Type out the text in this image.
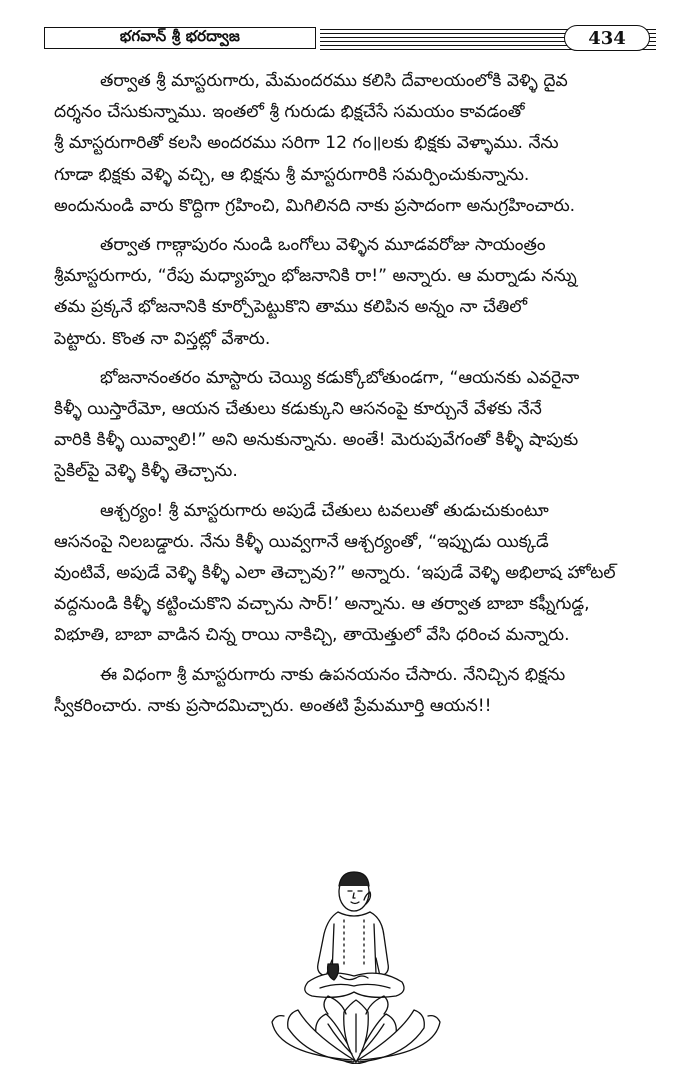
భగవాన్ శ్రీ భరద్వాజ	434

తర్వాత శ్రీ మాస్టరుగారు, మేమందరము కలిసి దేవాలయంలోకి వెళ్ళి దైవ
దర్శనం చేసుకున్నాము. ఇంతలో శ్రీ గురుడు భిక్షచేసే సమయం కావడంతో
శ్రీ మాస్టరుగారితో కలసి అందరము సరిగా 12 గం॥లకు భిక్షకు వెళ్ళాము. నేను
గూడా భిక్షకు వెళ్ళి వచ్చి, ఆ భిక్షను శ్రీ మాస్టరుగారికి సమర్పించుకున్నాను.
అందునుండి వారు కొద్దిగా గ్రహించి, మిగిలినది నాకు ప్రసాదంగా అనుగ్రహించారు.

తర్వాత గాణ్గాపురం నుండి ఒంగోలు వెళ్ళిన మూడవరోజు సాయంత్రం
శ్రీమాస్టరుగారు, “రేపు మధ్యాహ్నం భోజనానికి రా!” అన్నారు. ఆ మర్నాడు నన్ను
తమ ప్రక్కనే భోజనానికి కూర్చోపెట్టుకొని తాము కలిపిన అన్నం నా చేతిలో
పెట్టారు. కొంత నా విస్తట్లో వేశారు.

భోజనానంతరం మాస్టారు చెయ్యి కడుక్కోబోతుండగా, “ఆయనకు ఎవరైనా
కిళ్ళీ యిస్తారేమో, ఆయన చేతులు కడుక్కుని ఆసనంపై కూర్చునే వేళకు నేనే
వారికి కిళ్ళీ యివ్వాలి!” అని అనుకున్నాను. అంతే! మెరుపువేగంతో కిళ్ళీ షాపుకు
సైకిల్‌పై వెళ్ళి కిళ్ళీ తెచ్చాను.

ఆశ్చర్యం! శ్రీ మాస్టరుగారు అపుడే చేతులు టవలుతో తుడుచుకుంటూ
ఆసనంపై నిలబడ్డారు. నేను కిళ్ళీ యివ్వగానే ఆశ్చర్యంతో, “ఇప్పుడు యిక్కడే
వుంటివే, అపుడే వెళ్ళి కిళ్ళీ ఎలా తెచ్చావు?” అన్నారు. ‘ఇపుడే వెళ్ళి అభిలాష హోటల్
వద్దనుండి కిళ్ళీ కట్టించుకొని వచ్చాను సార్!’ అన్నాను. ఆ తర్వాత బాబా కఫ్నీగుడ్డ,
విభూతి, బాబా వాడిన చిన్న రాయి నాకిచ్చి, తాయెత్తులో వేసి ధరించ మన్నారు.

ఈ విధంగా శ్రీ మాస్టరుగారు నాకు ఉపనయనం చేసారు. నేనిచ్చిన భిక్షను
స్వీకరించారు. నాకు ప్రసాదమిచ్చారు. అంతటి ప్రేమమూర్తి ఆయన!!
